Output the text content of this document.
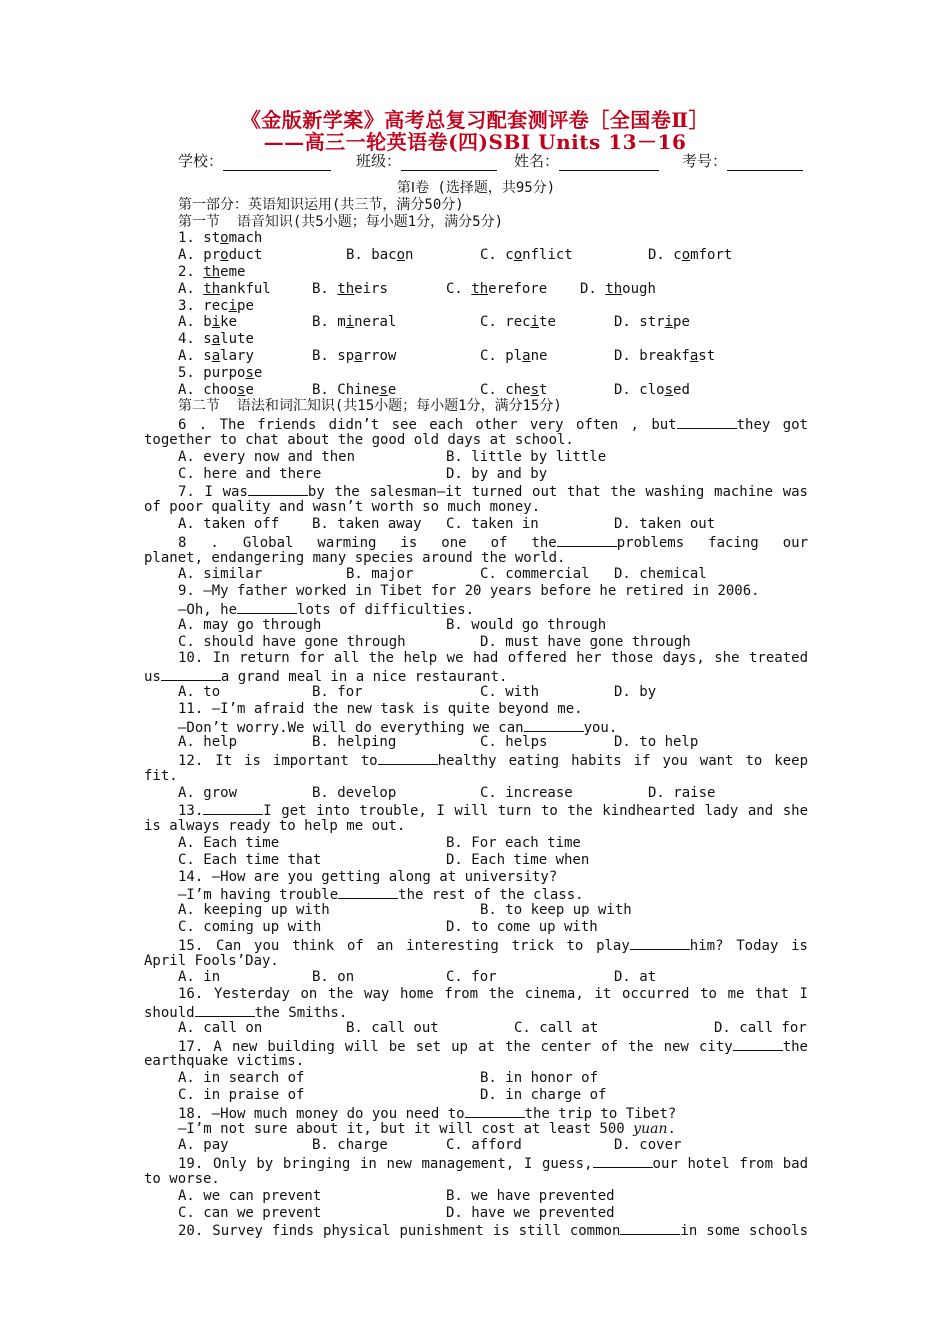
《金版新学案》高考总复习配套测评卷［全国卷Ⅱ］
——高三一轮英语卷(四)SBⅠ Units 13－16
学校：	班级：	姓名：	考号：
第Ⅰ卷 (选择题，共95分)
第一部分：英语知识运用(共三节，满分50分)
第一节  语音知识(共5小题；每小题1分，满分5分)
1. stomach
A. product	B. bacon	C. conflict	D. comfort
2. theme
A. thankful	B. theirs	C. therefore D. though
3. recipe
A. bike	B. mineral	C. recite	D. stripe
4. salute
A. salary	B. sparrow	C. plane	D. breakfast
5. purpose
A. choose	B. Chinese	C. chest	D. closed
第二节  语法和词汇知识(共15小题；每小题1分，满分15分)
6 . The friends didn’t see each other very often , but	they got
together to chat about the good old days at school.
A. every now and then	B. little by little
C. here and there	D. by and by
7. I was	by the salesman—it turned out that the washing machine was
of poor quality and wasn’t worth so much money.
A. taken off B. taken away C. taken in	D. taken out
8 . Global warming is one of the	problems facing our
planet, endangering many species around the world.
A. similar	B. major	C. commercial D. chemical
9. —My father worked in Tibet for 20 years before he retired in 2006.
—Oh, he	lots of difficulties.
A. may go through	B. would go through
C. should have gone through	D. must have gone through
10. In return for all the help we had offered her those days, she treated
us	a grand meal in a nice restaurant.
A. to	B. for	C. with	D. by
11. —I’m afraid the new task is quite beyond me.
—Don’t worry.We will do everything we can	you.
A. help	B. helping	C. helps	D. to help
12. It is important to	healthy eating habits if you want to keep
fit.
A. grow	B. develop	C. increase	D. raise
13.	I get into trouble, I will turn to the kindhearted lady and she
is always ready to help me out.
A. Each time	B. For each time
C. Each time that	D. Each time when
14. —How are you getting along at university?
—I’m having trouble	the rest of the class.
A. keeping up with	B. to keep up with
C. coming up with	D. to come up with
15. Can you think of an interesting trick to play	him? Today is
April Fools’Day.
A. in	B. on	C. for	D. at
16. Yesterday on the way home from the cinema, it occurred to me that I
should	the Smiths.
A. call on	B. call out	C. call at	D. call for
17. A new building will be set up at the center of the new city	the
earthquake victims.
A. in search of	B. in honor of
C. in praise of	D. in charge of
18. —How much money do you need to	the trip to Tibet?
—I’m not sure about it, but it will cost at least 500 yuan.
A. pay	B. charge	C. afford	D. cover
19. Only by bringing in new management, I guess,	our hotel from bad
to worse.
A. we can prevent	B. we have prevented
C. can we prevent	D. have we prevented
20. Survey finds physical punishment is still common	in some schools
